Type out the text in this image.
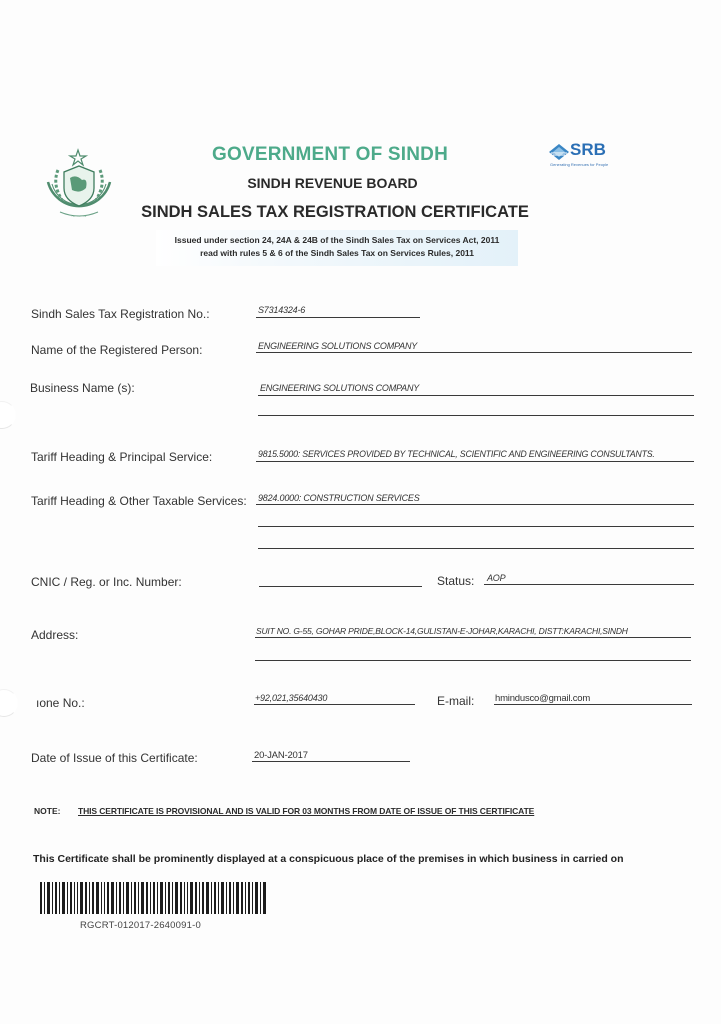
~ ~ ~
SRB
Generating Revenues for People
GOVERNMENT OF SINDH
SINDH REVENUE BOARD
SINDH SALES TAX REGISTRATION CERTIFICATE
Issued under section 24, 24A & 24B of the Sindh Sales Tax on Services Act, 2011
read with rules 5 & 6 of the Sindh Sales Tax on Services Rules, 2011
Sindh Sales Tax Registration No.:	S7314324-6
Name of the Registered Person:	ENGINEERING SOLUTIONS COMPANY
Business Name (s):	ENGINEERING SOLUTIONS COMPANY
Tariff Heading & Principal Service:	9815.5000: SERVICES PROVIDED BY TECHNICAL, SCIENTIFIC AND ENGINEERING CONSULTANTS.
Tariff Heading & Other Taxable Services: 9824.0000: CONSTRUCTION SERVICES
CNIC / Reg. or Inc. Number:	Status: AOP
Address:	SUIT NO. G-55, GOHAR PRIDE,BLOCK-14,GULISTAN-E-JOHAR,KARACHI, DISTT:KARACHI,SINDH
ıone No.:	+92,021,35640430	E-mail: hmindusco@gmail.com
Date of Issue of this Certificate:	20-JAN-2017
NOTE: THIS CERTIFICATE IS PROVISIONAL AND IS VALID FOR 03 MONTHS FROM DATE OF ISSUE OF THIS CERTIFICATE
This Certificate shall be prominently displayed at a conspicuous place of the premises in which business in carried on
RGCRT-012017-2640091-0
